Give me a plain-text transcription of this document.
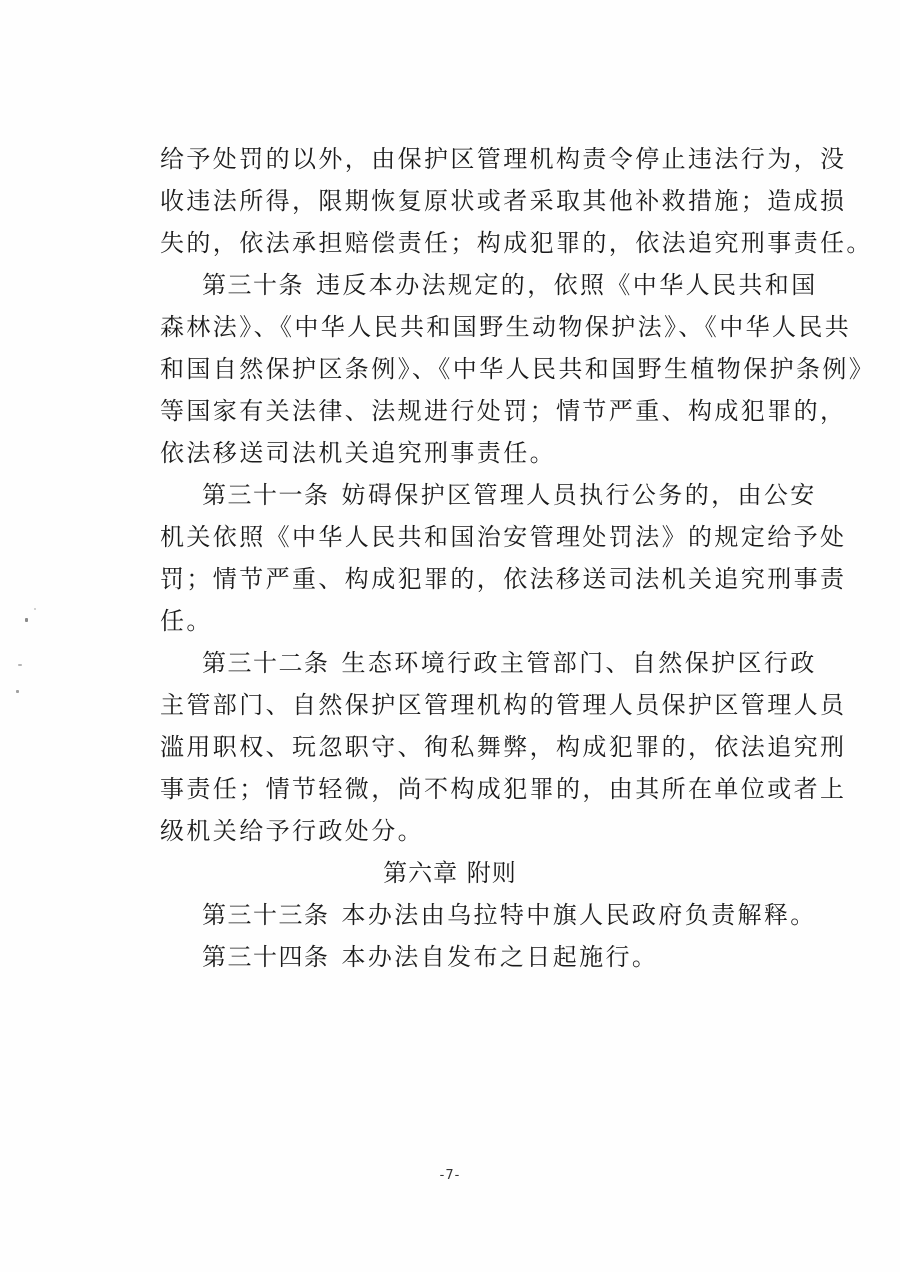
给予处罚的以外，由保护区管理机构责令停止违法行为，没
收违法所得，限期恢复原状或者采取其他补救措施；造成损
失的，依法承担赔偿责任；构成犯罪的，依法追究刑事责任。
第三十条 违反本办法规定的，依照《中华人民共和国
森林法》、《中华人民共和国野生动物保护法》、《中华人民共
和国自然保护区条例》、《中华人民共和国野生植物保护条例》
等国家有关法律、法规进行处罚；情节严重、构成犯罪的，
依法移送司法机关追究刑事责任。
第三十一条 妨碍保护区管理人员执行公务的，由公安
机关依照《中华人民共和国治安管理处罚法》的规定给予处
罚；情节严重、构成犯罪的，依法移送司法机关追究刑事责
任。
第三十二条 生态环境行政主管部门、自然保护区行政
主管部门、自然保护区管理机构的管理人员保护区管理人员
滥用职权、玩忽职守、徇私舞弊，构成犯罪的，依法追究刑
事责任；情节轻微，尚不构成犯罪的，由其所在单位或者上
级机关给予行政处分。
第六章 附则
第三十三条 本办法由乌拉特中旗人民政府负责解释。
第三十四条 本办法自发布之日起施行。
-7-
